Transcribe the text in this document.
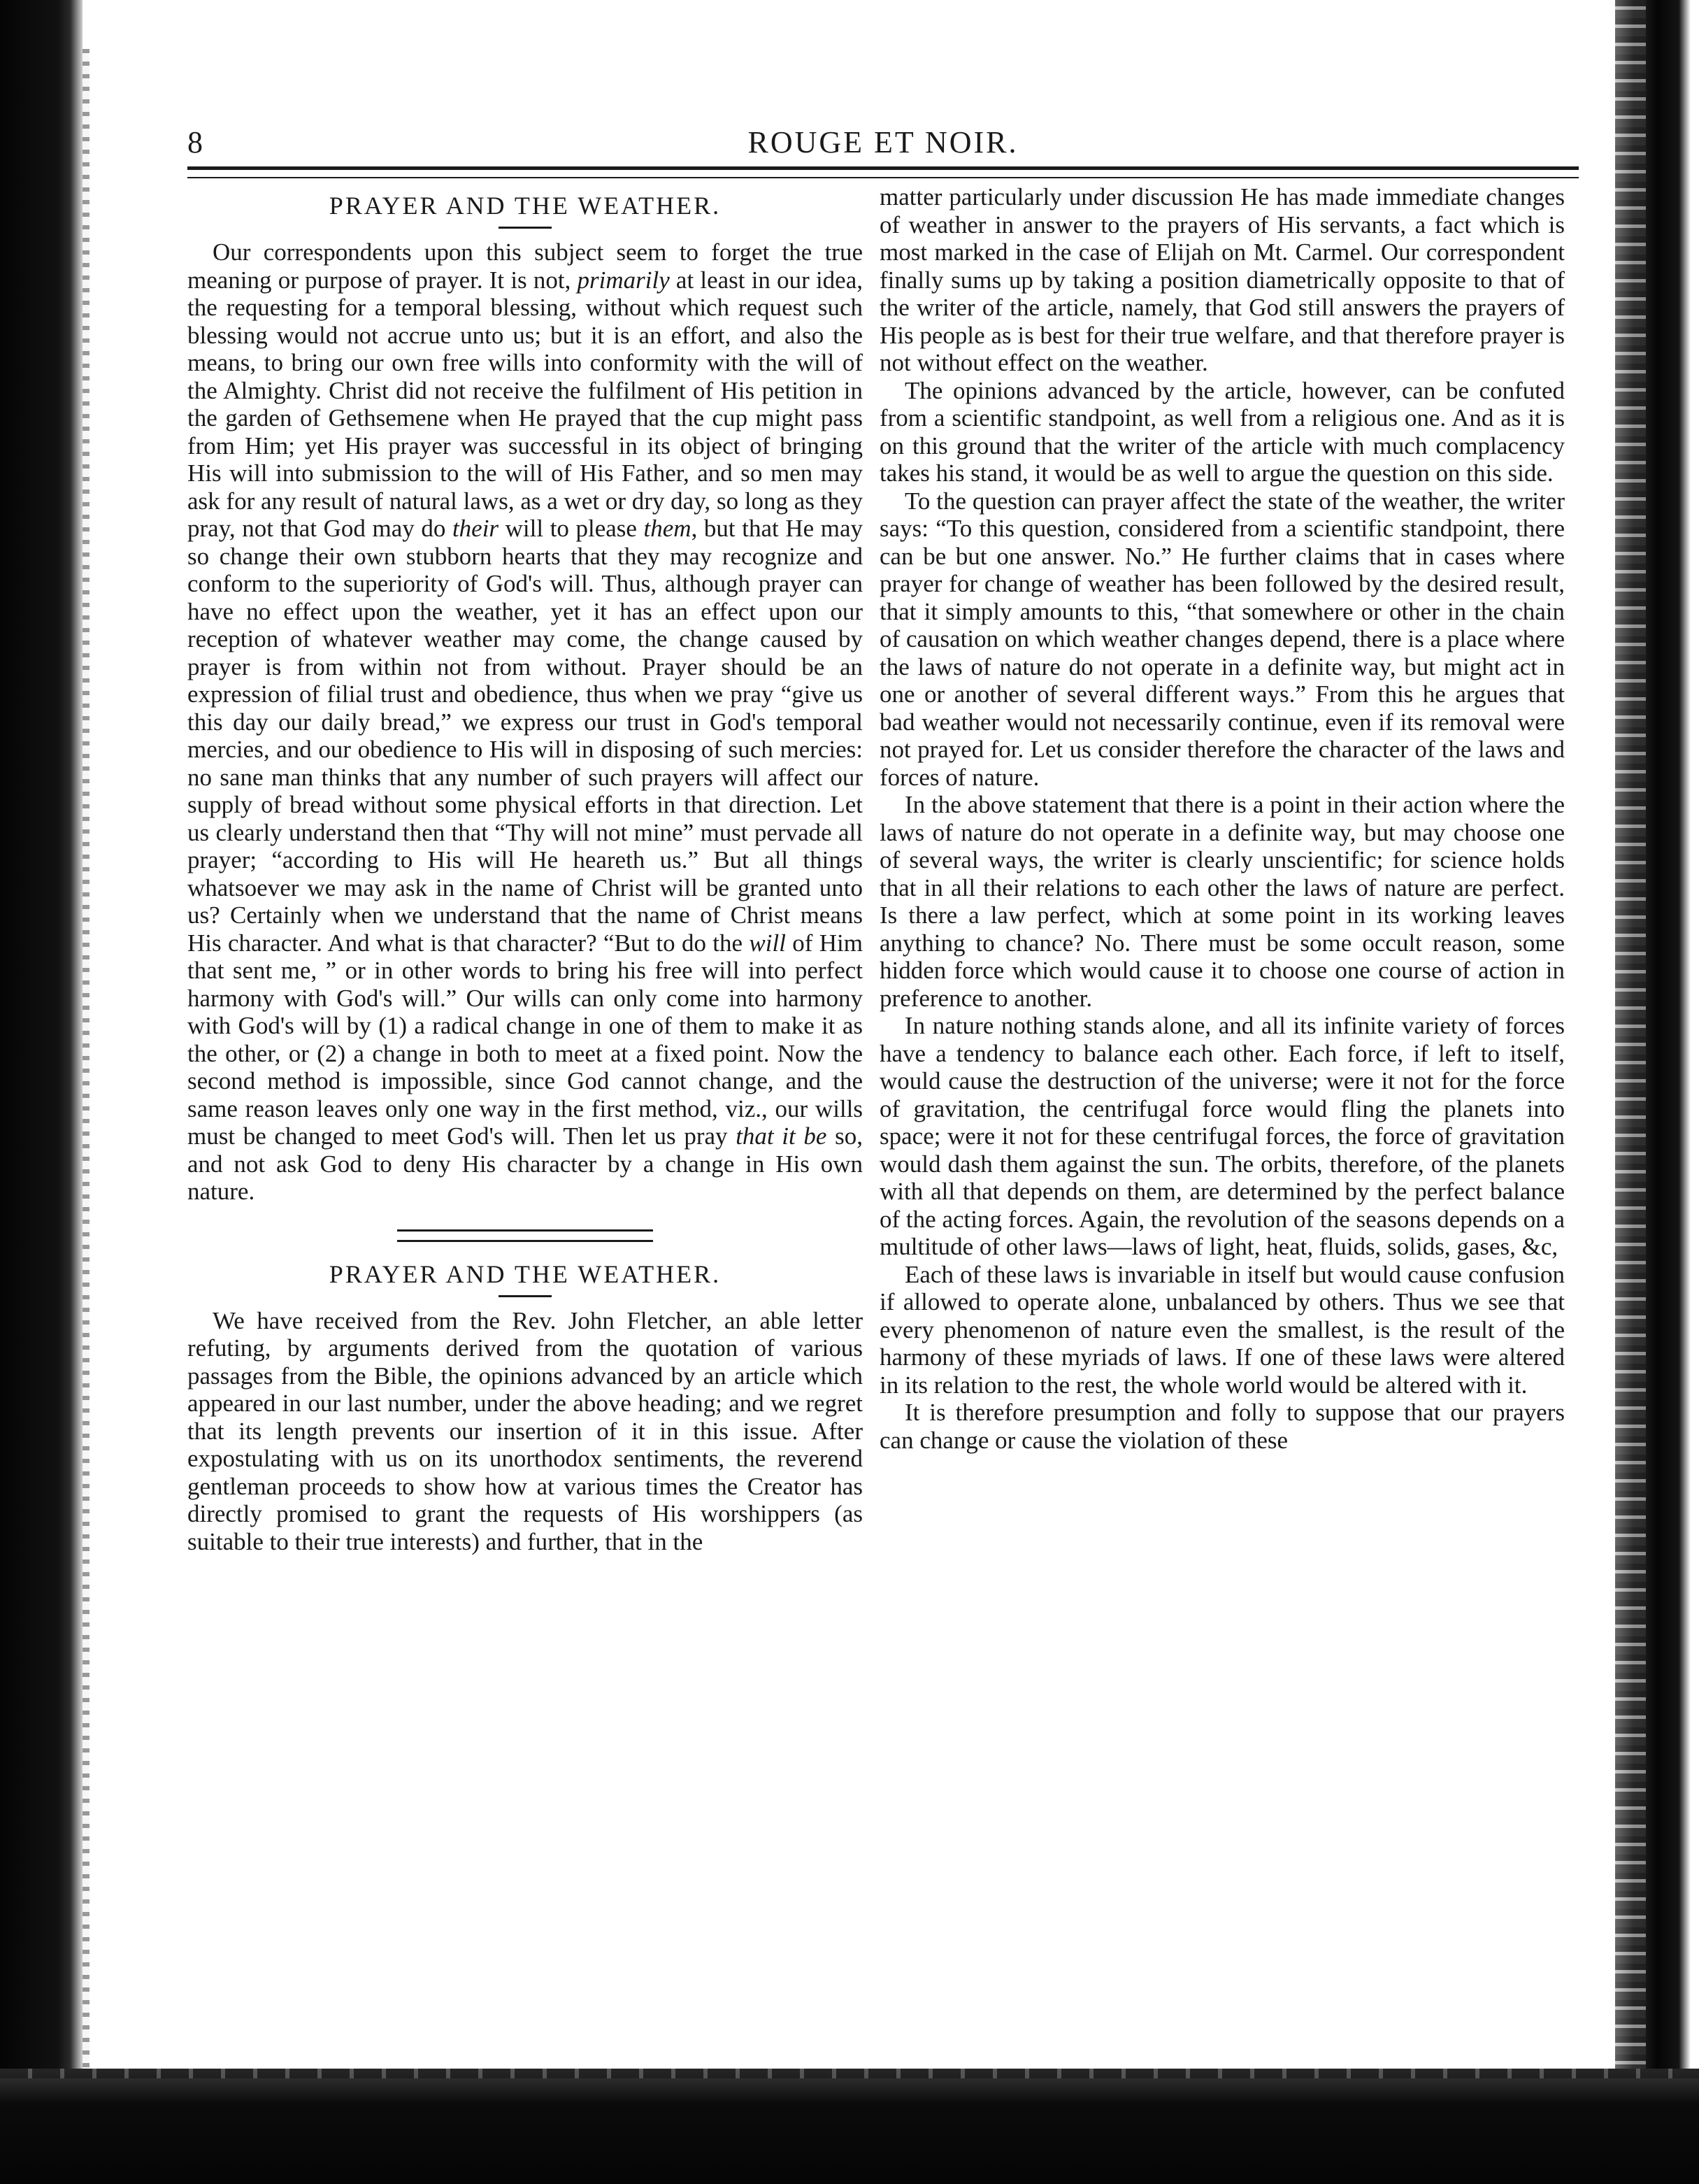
8	ROUGE ET NOIR.
PRAYER AND THE WEATHER.

Our correspondents upon this subject seem to forget the true meaning or purpose of prayer. It is not, primarily at least in our idea, the requesting for a temporal blessing, without which request such blessing would not accrue unto us; but it is an effort, and also the means, to bring our own free wills into conformity with the will of the Almighty. Christ did not receive the fulfilment of His petition in the garden of Gethsemene when He prayed that the cup might pass from Him; yet His prayer was successful in its object of bringing His will into submission to the will of His Father, and so men may ask for any result of natural laws, as a wet or dry day, so long as they pray, not that God may do their will to please them, but that He may so change their own stubborn hearts that they may recognize and conform to the superiority of God's will. Thus, although prayer can have no effect upon the weather, yet it has an effect upon our reception of whatever weather may come, the change caused by prayer is from within not from without. Prayer should be an expression of filial trust and obedience, thus when we pray “give us this day our daily bread,” we express our trust in God's temporal mercies, and our obedience to His will in disposing of such mercies: no sane man thinks that any number of such prayers will affect our supply of bread without some physical efforts in that direction. Let us clearly understand then that “Thy will not mine” must pervade all prayer; “according to His will He heareth us.” But all things whatsoever we may ask in the name of Christ will be granted unto us? Certainly when we understand that the name of Christ means His character. And what is that character? “But to do the will of Him that sent me, ” or in other words to bring his free will into perfect harmony with God's will.” Our wills can only come into harmony with God's will by (1) a radical change in one of them to make it as the other, or (2) a change in both to meet at a fixed point. Now the second method is impossible, since God cannot change, and the same reason leaves only one way in the first method, viz., our wills must be changed to meet God's will. Then let us pray that it be so, and not ask God to deny His character by a change in His own nature.

PRAYER AND THE WEATHER.

We have received from the Rev. John Fletcher, an able letter refuting, by arguments derived from the quotation of various passages from the Bible, the opinions advanced by an article which appeared in our last number, under the above heading; and we regret that its length prevents our insertion of it in this issue. After expostulating with us on its unorthodox sentiments, the reverend gentleman proceeds to show how at various times the Creator has directly promised to grant the requests of His worshippers (as suitable to their true interests) and further, that in the

matter particularly under discussion He has made immediate changes of weather in answer to the prayers of His servants, a fact which is most marked in the case of Elijah on Mt. Carmel. Our correspondent finally sums up by taking a position diametrically opposite to that of the writer of the article, namely, that God still answers the prayers of His people as is best for their true welfare, and that therefore prayer is not without effect on the weather.

The opinions advanced by the article, however, can be confuted from a scientific standpoint, as well from a religious one. And as it is on this ground that the writer of the article with much complacency takes his stand, it would be as well to argue the question on this side.

To the question can prayer affect the state of the weather, the writer says: “To this question, considered from a scientific standpoint, there can be but one answer. No.” He further claims that in cases where prayer for change of weather has been followed by the desired result, that it simply amounts to this, “that somewhere or other in the chain of causation on which weather changes depend, there is a place where the laws of nature do not operate in a definite way, but might act in one or another of several different ways.” From this he argues that bad weather would not necessarily continue, even if its removal were not prayed for. Let us consider therefore the character of the laws and forces of nature.

In the above statement that there is a point in their action where the laws of nature do not operate in a definite way, but may choose one of several ways, the writer is clearly unscientific; for science holds that in all their relations to each other the laws of nature are perfect. Is there a law perfect, which at some point in its working leaves anything to chance? No. There must be some occult reason, some hidden force which would cause it to choose one course of action in preference to another.

In nature nothing stands alone, and all its infinite variety of forces have a tendency to balance each other. Each force, if left to itself, would cause the destruction of the universe; were it not for the force of gravitation, the centrifugal force would fling the planets into space; were it not for these centrifugal forces, the force of gravitation would dash them against the sun. The orbits, therefore, of the planets with all that depends on them, are determined by the perfect balance of the acting forces. Again, the revolution of the seasons depends on a multitude of other laws—laws of light, heat, fluids, solids, gases, &c,

Each of these laws is invariable in itself but would cause confusion if allowed to operate alone, unbalanced by others. Thus we see that every phenomenon of nature even the smallest, is the result of the harmony of these myriads of laws. If one of these laws were altered in its relation to the rest, the whole world would be altered with it.

It is therefore presumption and folly to suppose that our prayers can change or cause the violation of these
